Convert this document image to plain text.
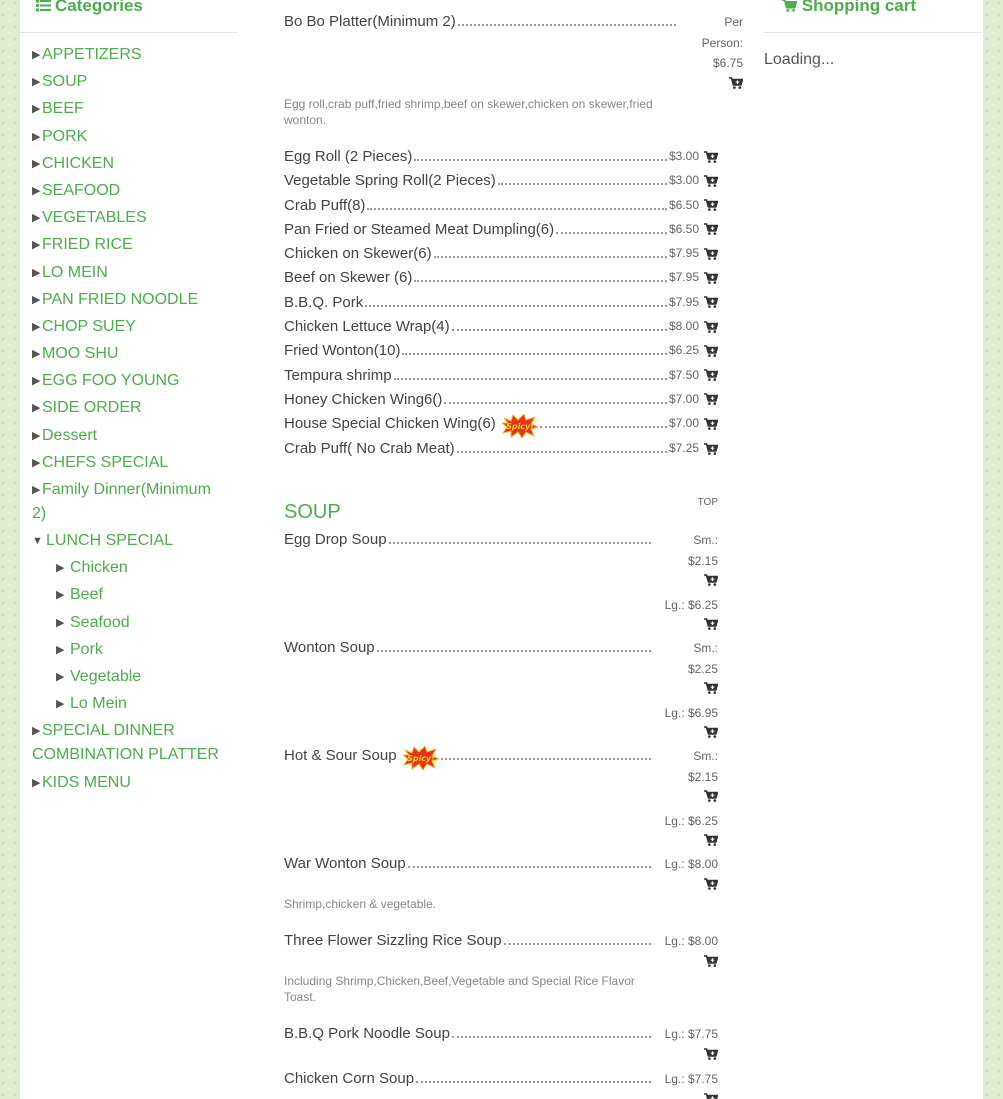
Categories
▶APPETIZERS
▶SOUP
▶BEEF
▶PORK
▶CHICKEN
▶SEAFOOD
▶VEGETABLES
▶FRIED RICE
▶LO MEIN
▶PAN FRIED NOODLE
▶CHOP SUEY
▶MOO SHU
▶EGG FOO YOUNG
▶SIDE ORDER
▶Dessert
▶CHEFS SPECIAL
▶Family Dinner(Minimum 2)
▼ LUNCH SPECIAL
▶ Chicken
▶ Beef
▶ Seafood
▶ Pork
▶ Vegetable
▶ Lo Mein
▶SPECIAL DINNER COMBINATION PLATTER
▶KIDS MENU
Bo Bo Platter(Minimum 2)	Per Person:
$6.75
Egg roll,crab puff,fried shrimp,beef on skewer,chicken on skewer,fried wonton.
Egg Roll (2 Pieces)	$3.00
Vegetable Spring Roll(2 Pieces)	$3.00
Crab Puff(8)	$6.50
Pan Fried or Steamed Meat Dumpling(6)	$6.50
Chicken on Skewer(6)	$7.95
Beef on Skewer (6)	$7.95
B.B.Q. Pork	$7.95
Chicken Lettuce Wrap(4)	$8.00
Fried Wonton(10)	$6.25
Tempura shrimp	$7.50
Honey Chicken Wing6()	$7.00
House Special Chicken Wing(6) Spicy!	$7.00
Crab Puff( No Crab Meat)	$7.25
SOUP	TOP
Egg Drop Soup	Sm.:
$2.15
Lg.: $6.25
Wonton Soup	Sm.:
$2.25
Lg.: $6.95
Hot & Sour Soup Spicy!	Sm.:
$2.15
Lg.: $6.25
War Wonton Soup	Lg.: $8.00
Shrimp,chicken & vegetable.
Three Flower Sizzling Rice Soup	Lg.: $8.00
Including Shrimp,Chicken,Beef,Vegetable and Special Rice Flavor Toast.
B.B.Q Pork Noodle Soup	Lg.: $7.75
Chicken Corn Soup	Lg.: $7.75
Shopping cart
Loading...
